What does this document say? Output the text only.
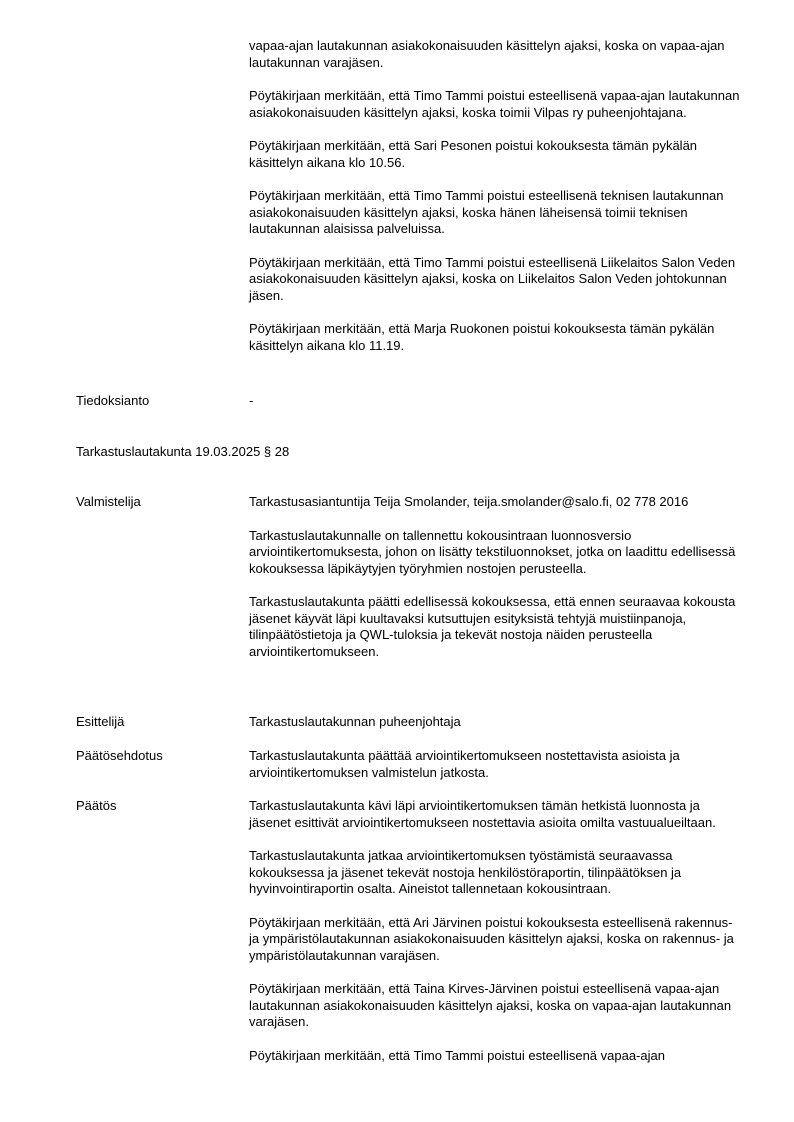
vapaa-ajan lautakunnan asiakokonaisuuden käsittelyn ajaksi, koska on vapaa-ajan lautakunnan varajäsen.

Pöytäkirjaan merkitään, että Timo Tammi poistui esteellisenä vapaa-ajan lautakunnan asiakokonaisuuden käsittelyn ajaksi, koska toimii Vilpas ry puheenjohtajana.

Pöytäkirjaan merkitään, että Sari Pesonen poistui kokouksesta tämän pykälän käsittelyn aikana klo 10.56.

Pöytäkirjaan merkitään, että Timo Tammi poistui esteellisenä teknisen lautakunnan asiakokonaisuuden käsittelyn ajaksi, koska hänen läheisensä toimii teknisen lautakunnan alaisissa palveluissa.

Pöytäkirjaan merkitään, että Timo Tammi poistui esteellisenä Liikelaitos Salon Veden asiakokonaisuuden käsittelyn ajaksi, koska on Liikelaitos Salon Veden johtokunnan jäsen.

Pöytäkirjaan merkitään, että Marja Ruokonen poistui kokouksesta tämän pykälän käsittelyn aikana klo 11.19.

Tiedoksianto	-
Tarkastuslautakunta 19.03.2025 § 28
Valmistelija	Tarkastusasiantuntija Teija Smolander, teija.smolander@salo.fi, 02 778 2016

Tarkastuslautakunnalle on tallennettu kokousintraan luonnosversio arviointikertomuksesta, johon on lisätty tekstiluonnokset, jotka on laadittu edellisessä kokouksessa läpikäytyjen työryhmien nostojen perusteella.

Tarkastuslautakunta päätti edellisessä kokouksessa, että ennen seuraavaa kokousta jäsenet käyvät läpi kuultavaksi kutsuttujen esityksistä tehtyjä muistiinpanoja, tilinpäätöstietoja ja QWL-tuloksia ja tekevät nostoja näiden perusteella arviointikertomukseen.

Esittelijä	Tarkastuslautakunnan puheenjohtaja
Päätösehdotus	Tarkastuslautakunta päättää arviointikertomukseen nostettavista asioista ja arviointikertomuksen valmistelun jatkosta.
Päätös	Tarkastuslautakunta kävi läpi arviointikertomuksen tämän hetkistä luonnosta ja jäsenet esittivät arviointikertomukseen nostettavia asioita omilta vastuualueiltaan.

Tarkastuslautakunta jatkaa arviointikertomuksen työstämistä seuraavassa kokouksessa ja jäsenet tekevät nostoja henkilöstöraportin, tilinpäätöksen ja hyvinvointiraportin osalta. Aineistot tallennetaan kokousintraan.

Pöytäkirjaan merkitään, että Ari Järvinen poistui kokouksesta esteellisenä rakennus- ja ympäristölautakunnan asiakokonaisuuden käsittelyn ajaksi, koska on rakennus- ja ympäristölautakunnan varajäsen.

Pöytäkirjaan merkitään, että Taina Kirves-Järvinen poistui esteellisenä vapaa-ajan lautakunnan asiakokonaisuuden käsittelyn ajaksi, koska on vapaa-ajan lautakunnan varajäsen.

Pöytäkirjaan merkitään, että Timo Tammi poistui esteellisenä vapaa-ajan
